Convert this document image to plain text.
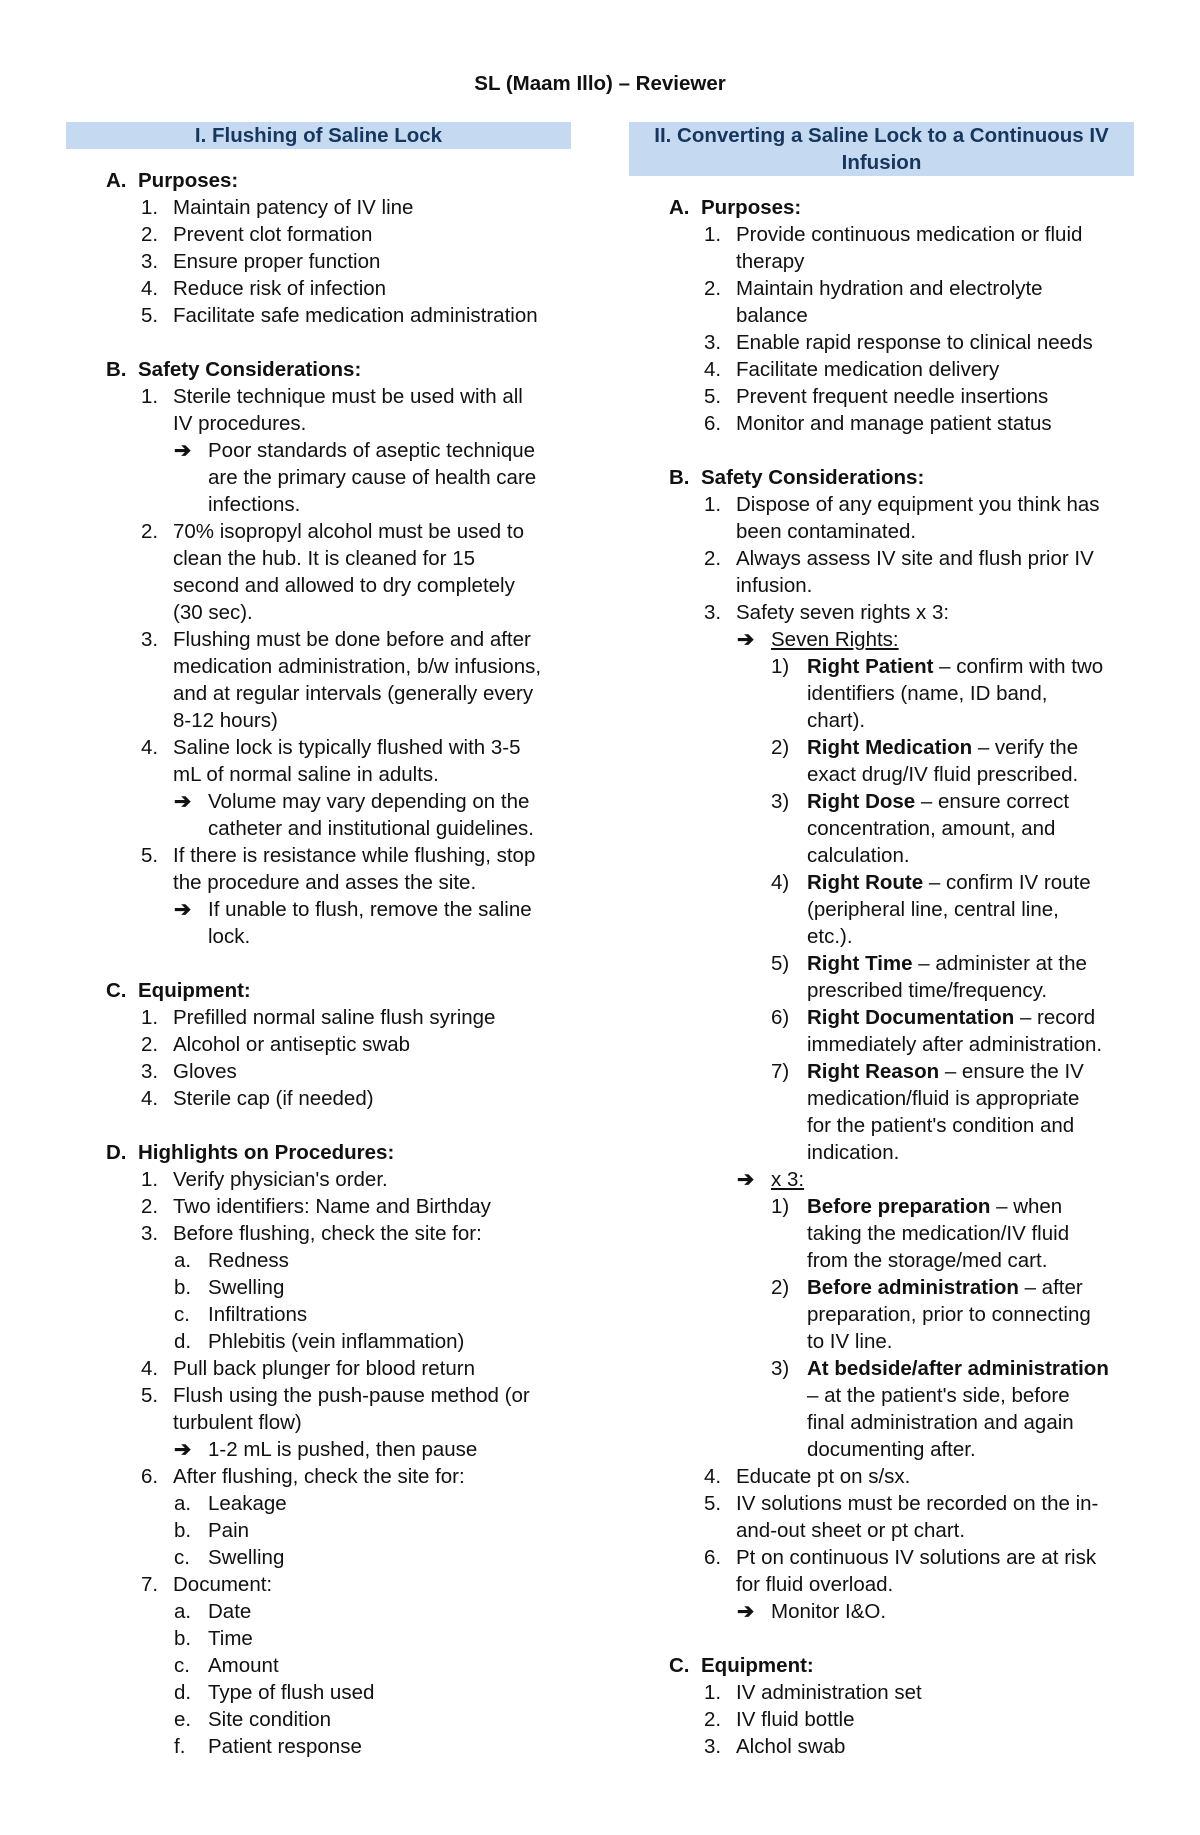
SL (Maam Illo) – Reviewer
I. Flushing of Saline Lock
A. Purposes:
1. Maintain patency of IV line
2. Prevent clot formation
3. Ensure proper function
4. Reduce risk of infection
5. Facilitate safe medication administration
B. Safety Considerations:
1. Sterile technique must be used with all
IV procedures.
➔ Poor standards of aseptic technique
are the primary cause of health care
infections.
2. 70% isopropyl alcohol must be used to
clean the hub. It is cleaned for 15
second and allowed to dry completely
(30 sec).
3. Flushing must be done before and after
medication administration, b/w infusions,
and at regular intervals (generally every
8-12 hours)
4. Saline lock is typically flushed with 3-5
mL of normal saline in adults.
➔ Volume may vary depending on the
catheter and institutional guidelines.
5. If there is resistance while flushing, stop
the procedure and asses the site.
➔ If unable to flush, remove the saline
lock.
C. Equipment:
1. Prefilled normal saline flush syringe
2. Alcohol or antiseptic swab
3. Gloves
4. Sterile cap (if needed)
D. Highlights on Procedures:
1. Verify physician's order.
2. Two identifiers: Name and Birthday
3. Before flushing, check the site for:
a. Redness
b. Swelling
c. Infiltrations
d. Phlebitis (vein inflammation)
4. Pull back plunger for blood return
5. Flush using the push-pause method (or
turbulent flow)
➔ 1-2 mL is pushed, then pause
6. After flushing, check the site for:
a. Leakage
b. Pain
c. Swelling
7. Document:
a. Date
b. Time
c. Amount
d. Type of flush used
e. Site condition
f. Patient response
II. Converting a Saline Lock to a Continuous IV
Infusion
A. Purposes:
1. Provide continuous medication or fluid
therapy
2. Maintain hydration and electrolyte
balance
3. Enable rapid response to clinical needs
4. Facilitate medication delivery
5. Prevent frequent needle insertions
6. Monitor and manage patient status
B. Safety Considerations:
1. Dispose of any equipment you think has
been contaminated.
2. Always assess IV site and flush prior IV
infusion.
3. Safety seven rights x 3:
➔ Seven Rights:
1) Right Patient – confirm with two
identifiers (name, ID band,
chart).
2) Right Medication – verify the
exact drug/IV fluid prescribed.
3) Right Dose – ensure correct
concentration, amount, and
calculation.
4) Right Route – confirm IV route
(peripheral line, central line,
etc.).
5) Right Time – administer at the
prescribed time/frequency.
6) Right Documentation – record
immediately after administration.
7) Right Reason – ensure the IV
medication/fluid is appropriate
for the patient's condition and
indication.
➔ x 3:
1) Before preparation – when
taking the medication/IV fluid
from the storage/med cart.
2) Before administration – after
preparation, prior to connecting
to IV line.
3) At bedside/after administration
– at the patient's side, before
final administration and again
documenting after.
4. Educate pt on s/sx.
5. IV solutions must be recorded on the in-
and-out sheet or pt chart.
6. Pt on continuous IV solutions are at risk
for fluid overload.
➔ Monitor I&O.
C. Equipment:
1. IV administration set
2. IV fluid bottle
3. Alchol swab
